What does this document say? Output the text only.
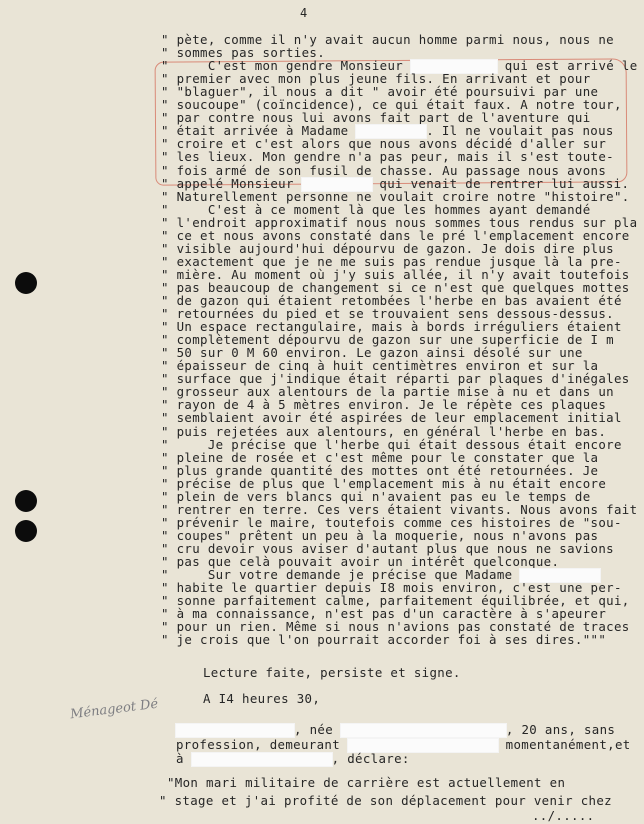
4
" pète, comme il n'y avait aucun homme parmi nous, nous ne
" sommes pas sorties.
"     C'est mon gendre Monsieur	qui est arrivé le
" premier avec mon plus jeune fils. En arrivant et pour
" "blaguer", il nous a dit " avoir été poursuivi par une
" soucoupe" (coïncidence), ce qui était faux. A notre tour,
" par contre nous lui avons fait part de l'aventure qui
" était arrivée à Madame	. Il ne voulait pas nous
" croire et c'est alors que nous avons décidé d'aller sur
" les lieux. Mon gendre n'a pas peur, mais il s'est toute-
" fois armé de son fusil de chasse. Au passage nous avons
" appelé Monsieur	qui venait de rentrer lui aussi.
" Naturellement personne ne voulait croire notre "histoire".
"     C'est à ce moment là que les hommes ayant demandé
" l'endroit approximatif nous nous sommes tous rendus sur pla
" ce et nous avons constaté dans le pré l'emplacement encore
" visible aujourd'hui dépourvu de gazon. Je dois dire plus
" exactement que je ne me suis pas rendue jusque là la pre-
" mière. Au moment où j'y suis allée, il n'y avait toutefois
" pas beaucoup de changement si ce n'est que quelques mottes
" de gazon qui étaient retombées l'herbe en bas avaient été
" retournées du pied et se trouvaient sens dessous-dessus.
" Un espace rectangulaire, mais à bords irréguliers étaient
" complètement dépourvu de gazon sur une superficie de I m
" 50 sur 0 M 60 environ. Le gazon ainsi désolé sur une
" épaisseur de cinq à huit centimètres environ et sur la
" surface que j'indique était réparti par plaques d'inégales
" grosseur aux alentours de la partie mise à nu et dans un
" rayon de 4 à 5 mètres environ. Je le répète ces plaques
" semblaient avoir été aspirées de leur emplacement initial
" puis rejetées aux alentours, en général l'herbe en bas.
"     Je précise que l'herbe qui était dessous était encore
" pleine de rosée et c'est même pour le constater que la
" plus grande quantité des mottes ont été retournées. Je
" précise de plus que l'emplacement mis à nu était encore
" plein de vers blancs qui n'avaient pas eu le temps de
" rentrer en terre. Ces vers étaient vivants. Nous avons fait
" prévenir le maire, toutefois comme ces histoires de "sou-
" coupes" prêtent un peu à la moquerie, nous n'avons pas
" cru devoir vous aviser d'autant plus que nous ne savions
" pas que celà pouvait avoir un intérêt quelconque.
"     Sur votre demande je précise que Madame
" habite le quartier depuis I8 mois environ, c'est une per-
" sonne parfaitement calme, parfaitement équilibrée, et qui,
" à ma connaissance, n'est pas d'un caractère à s'apeurer
" pour un rien. Même si nous n'avions pas constaté de traces
" je crois que l'on pourrait accorder foi à ses dires."""
Lecture faite, persiste et signe.
A I4 heures 30,
Ménageot Dé
, née	, 20 ans, sans
profession, demeurant	momentanément,et
à	, déclare:
"Mon mari militaire de carrière est actuellement en
" stage et j'ai profité de son déplacement pour venir chez
../.....
